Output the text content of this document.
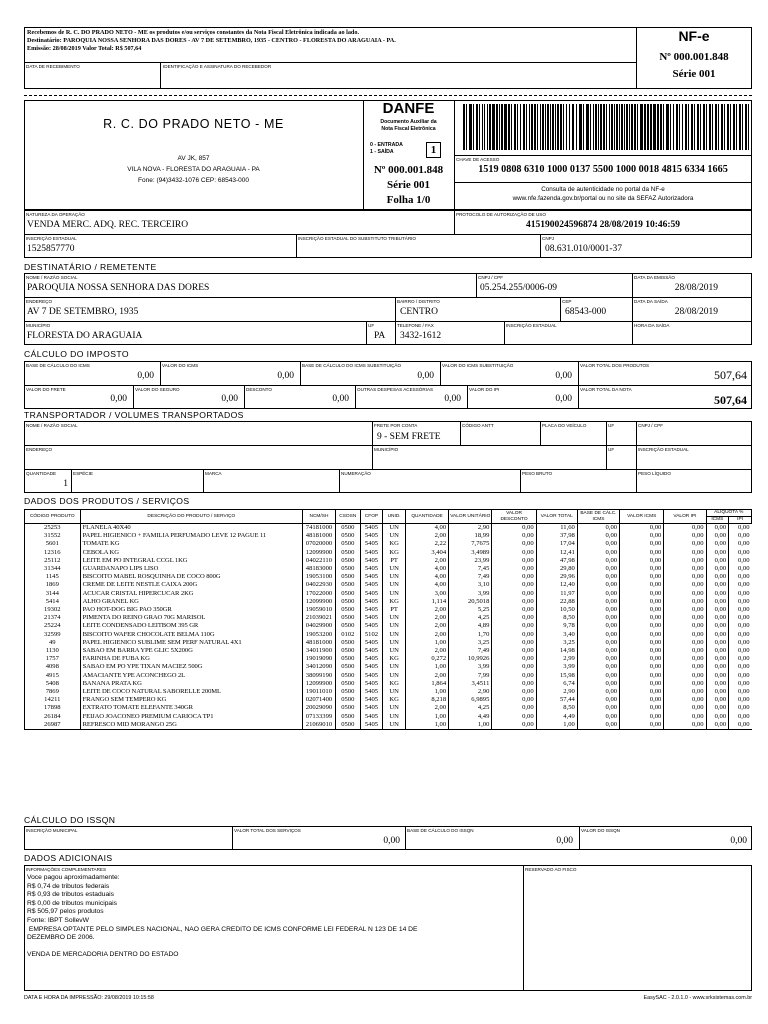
Recebemos de R. C. DO PRADO NETO - ME os produtos e/ou serviços constantes da Nota Fiscal Eletrônica indicada ao lado.
Destinatário: PAROQUIA NOSSA SENHORA DAS DORES - AV 7 DE SETEMBRO, 1935 - CENTRO - FLORESTA DO ARAGUAIA - PA.
Emissão: 28/08/2019 Valor Total: R$ 507,64
DATA DE RECEBIMENTO	IDENTIFICAÇÃO E ASSINATURA DO RECEBEDOR
NF-e
Nº 000.001.848
Série 001
R. C. DO PRADO NETO - ME
AV JK, 857
VILA NOVA - FLORESTA DO ARAGUAIA - PA
Fone: (94)3432-1076 CEP: 68543-000
DANFE
Documento Auxiliar da
Nota Fiscal Eletrônica
0 - ENTRADA
1 - SAÍDA	1
Nº 000.001.848
Série 001
Folha 1/0
CHAVE DE ACESSO
1519 0808 6310 1000 0137 5500 1000 0018 4815 6334 1665
Consulta de autenticidade no portal da NF-e
www.nfe.fazenda.gov.br/portal ou no site da SEFAZ Autorizadora
NATUREZA DA OPERAÇÃO
VENDA MERC. ADQ. REC. TERCEIRO
PROTOCOLO DE AUTORIZAÇÃO DE USO
415190024596874 28/08/2019 10:46:59
INSCRIÇÃO ESTADUAL
1525857770
INSCRIÇÃO ESTADUAL DO SUBSTITUTO TRIBUTÁRIO	CNPJ
08.631.010/0001-37
DESTINATÁRIO / REMETENTE
NOME / RAZÃO SOCIAL
PAROQUIA NOSSA SENHORA DAS DORES
CNPJ / CPF
05.254.255/0006-09
DATA DA EMISSÃO
28/08/2019
ENDEREÇO
AV 7 DE SETEMBRO, 1935
BAIRRO / DISTRITO
CENTRO
CEP
68543-000
DATA DA SAÍDA
28/08/2019
MUNICÍPIO
FLORESTA DO ARAGUAIA
UF
PA
TELEFONE / FAX
3432-1612
INSCRIÇÃO ESTADUAL	HORA DA SAÍDA
CÁLCULO DO IMPOSTO
BASE DE CÁLCULO DO ICMS
0,00
VALOR DO ICMS
0,00
BASE DE CÁLCULO DO ICMS SUBSTITUIÇÃO
0,00
VALOR DO ICMS SUBSTITUIÇÃO
0,00
VALOR TOTAL DOS PRODUTOS
507,64
VALOR DO FRETE
0,00
VALOR DO SEGURO
0,00
DESCONTO
0,00
OUTRAS DESPESAS ACESSÓRIAS
0,00
VALOR DO IPI
0,00
VALOR TOTAL DA NOTA
507,64
TRANSPORTADOR / VOLUMES TRANSPORTADOS
NOME / RAZÃO SOCIAL	FRETE POR CONTA
9 - SEM FRETE
CÓDIGO ANTT	PLACA DO VEÍCULO	UF	CNPJ / CPF
ENDEREÇO	MUNICÍPIO	UF	INSCRIÇÃO ESTADUAL
QUANTIDADE
1
ESPÉCIE	MARCA	NUMERAÇÃO	PESO BRUTO	PESO LÍQUIDO
DADOS DOS PRODUTOS / SERVIÇOS
CÓDIGO PRODUTO	DESCRIÇÃO DO PRODUTO / SERVIÇO	NCM/SH	CSOSN	CFOP	UNID.	QUANTIDADE	VALOR UNITÁRIO	VALOR DESCONTO	VALOR TOTAL	BASE DE CÁLC. ICMS	VALOR ICMS	VALOR IPI	ALÍQUOTA %	
													ICMS	IPI
25253	FLANELA 40X40	74181000	0500	5405	UN	4,00	2,90	0,00	11,60	0,00	0,00	0,00	0,00	0,00
31552	PAPEL HIGIENICO + FAMILIA PERFUMADO LEVE 12 PAGUE 11	48181000	0500	5405	UN	2,00	18,99	0,00	37,98	0,00	0,00	0,00	0,00	0,00
5601	TOMATE KG	07020000	0500	5405	KG	2,22	7,7675	0,00	17,04	0,00	0,00	0,00	0,00	0,00
12316	CEBOLA KG	12099900	0500	5405	KG	3,404	3,4989	0,00	12,41	0,00	0,00	0,00	0,00	0,00
25112	LEITE EM PO INTEGRAL CCGL 1KG	04022110	0500	5405	PT	2,00	23,99	0,00	47,98	0,00	0,00	0,00	0,00	0,00
31344	GUARDANAPO LIPS LISO	48183000	0500	5405	UN	4,00	7,45	0,00	29,80	0,00	0,00	0,00	0,00	0,00
1145	BISCOITO MABEL ROSQUINHA DE COCO 800G	19053100	0500	5405	UN	4,00	7,49	0,00	29,96	0,00	0,00	0,00	0,00	0,00
1869	CREME DE LEITE NESTLE CAIXA 200G	04022930	0500	5405	UN	4,00	3,10	0,00	12,40	0,00	0,00	0,00	0,00	0,00
3144	ACUCAR CRISTAL HIPERCUCAR 2KG	17022000	0500	5405	UN	3,00	3,99	0,00	11,97	0,00	0,00	0,00	0,00	0,00
5414	ALHO GRANEL KG	12099900	0500	5405	KG	1,114	20,5018	0,00	22,88	0,00	0,00	0,00	0,00	0,00
19302	PAO HOT-DOG BIG PAO 350GR	19059010	0500	5405	PT	2,00	5,25	0,00	10,50	0,00	0,00	0,00	0,00	0,00
21374	PIMENTA DO REINO GRAO 70G MARISOL	21039021	0500	5405	UN	2,00	4,25	0,00	8,50	0,00	0,00	0,00	0,00	0,00
25224	LEITE CONDENSADO LEITBOM 395 GR	04029900	0500	5405	UN	2,00	4,89	0,00	9,78	0,00	0,00	0,00	0,00	0,00
32599	BISCOITO WAFER CHOCOLATE BELMA 110G	19053200	0102	5102	UN	2,00	1,70	0,00	3,40	0,00	0,00	0,00	0,00	0,00
49	PAPEL HIGIENICO SUBLIME SEM PERF NATURAL 4X1	48181000	0500	5405	UN	1,00	3,25	0,00	3,25	0,00	0,00	0,00	0,00	0,00
1130	SABAO EM BARRA YPE GLIC 5X200G	34011900	0500	5405	UN	2,00	7,49	0,00	14,98	0,00	0,00	0,00	0,00	0,00
1757	FARINHA DE FUBA KG	19019090	0500	5405	KG	0,272	10,9926	0,00	2,99	0,00	0,00	0,00	0,00	0,00
4098	SABAO EM PO YPE TIXAN MACIEZ 500G	34012090	0500	5405	UN	1,00	3,99	0,00	3,99	0,00	0,00	0,00	0,00	0,00
4915	AMACIANTE YPE ACONCHEGO 2L	38099190	0500	5405	UN	2,00	7,99	0,00	15,98	0,00	0,00	0,00	0,00	0,00
5408	BANANA PRATA KG	12099900	0500	5405	KG	1,864	3,4511	0,00	6,74	0,00	0,00	0,00	0,00	0,00
7869	LEITE DE COCO NATURAL SABORELLE 200ML	19011010	0500	5405	UN	1,00	2,90	0,00	2,90	0,00	0,00	0,00	0,00	0,00
14211	FRANGO SEM TEMPERO KG	02071400	0500	5405	KG	8,218	6,9895	0,00	57,44	0,00	0,00	0,00	0,00	0,00
17898	EXTRATO TOMATE ELEFANTE 340GR	20029090	0500	5405	UN	2,00	4,25	0,00	8,50	0,00	0,00	0,00	0,00	0,00
26184	FEIJAO JOACONEO PREMIUM CARIOCA TP1	07133399	0500	5405	UN	1,00	4,49	0,00	4,49	0,00	0,00	0,00	0,00	0,00
26987	REFRESCO MID MORANGO 25G	21069010	0500	5405	UN	1,00	1,00	0,00	1,00	0,00	0,00	0,00	0,00	0,00
CÁLCULO DO ISSQN
INSCRIÇÃO MUNICIPAL	VALOR TOTAL DOS SERVIÇOS
0,00
BASE DE CÁLCULO DO ISSQN
0,00
VALOR DO ISSQN
0,00
DADOS ADICIONAIS
INFORMAÇÕES COMPLEMENTARES	RESERVADO AO FISCO
Voce pagou aproximadamente:
R$ 0,74 de tributos federais
R$ 0,93 de tributos estaduais
R$ 0,00 de tributos municipais
R$ 505,97 pelos produtos
Fonte: IBPT SollevW
EMPRESA OPTANTE PELO SIMPLES NACIONAL, NAO GERA CREDITO DE ICMS CONFORME LEI FEDERAL N 123 DE 14 DE
DEZEMBRO DE 2006.
VENDA DE MERCADORIA DENTRO DO ESTADO
DATA E HORA DA IMPRESSÃO: 29/08/2019 10:15:58	EasySAC - 2.0.1.0 - www.srksistemas.com.br
